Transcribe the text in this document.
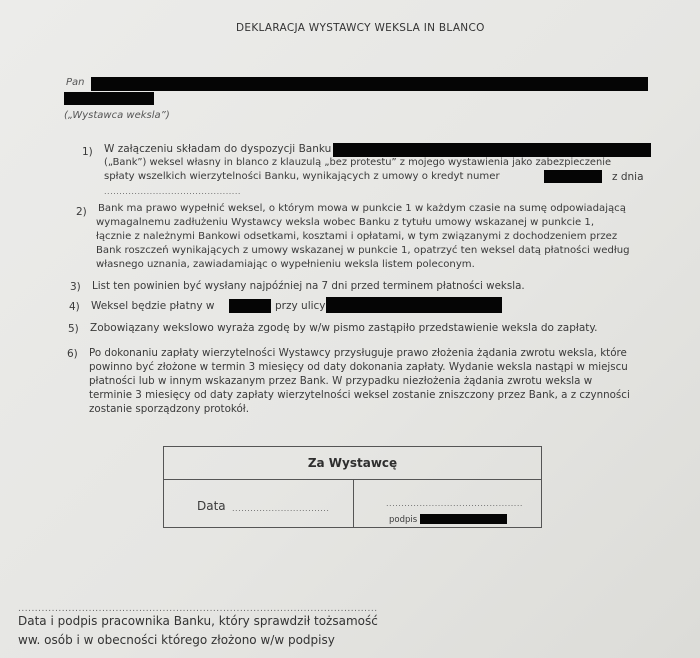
DEKLARACJA WYSTAWCY WEKSLA IN BLANCO
Pan
(„Wystawca weksla”)
1) W załączeniu składam do dyspozycji Banku
(„Bank”) weksel własny in blanco z klauzulą „bez protestu” z mojego wystawienia jako zabezpieczenie
spłaty wszelkich wierzytelności Banku, wynikających z umowy o kredyt numer	z dnia
.............................................
2) Bank ma prawo wypełnić weksel, o którym mowa w punkcie 1 w każdym czasie na sumę odpowiadającą
wymagalnemu zadłużeniu Wystawcy weksla wobec Banku z tytułu umowy wskazanej w punkcie 1,
łącznie z należnymi Bankowi odsetkami, kosztami i opłatami, w tym związanymi z dochodzeniem przez
Bank roszczeń wynikających z umowy wskazanej w punkcie 1, opatrzyć ten weksel datą płatności według
własnego uznania, zawiadamiając o wypełnieniu weksla listem poleconym.
3) List ten powinien być wysłany najpóźniej na 7 dni przed terminem płatności weksla.
4) Weksel będzie płatny w	przy ulicy
5) Zobowiązany wekslowo wyraża zgodę by w/w pismo zastąpiło przedstawienie weksla do zapłaty.
6) Po dokonaniu zapłaty wierzytelności Wystawcy przysługuje prawo złożenia żądania zwrotu weksla, które
powinno być złożone w termin 3 miesięcy od daty dokonania zapłaty. Wydanie weksla nastąpi w miejscu
płatności lub w innym wskazanym przez Bank. W przypadku niezłożenia żądania zwrotu weksla w
terminie 3 miesięcy od daty zapłaty wierzytelności weksel zostanie zniszczony przez Bank, a z czynności
zostanie sporządzony protokół.
Za Wystawcę
Data ................................
.............................................
podpis
...........................................................................................................
Data i podpis pracownika Banku, który sprawdził tożsamość
ww. osób i w obecności którego złożono w/w podpisy
